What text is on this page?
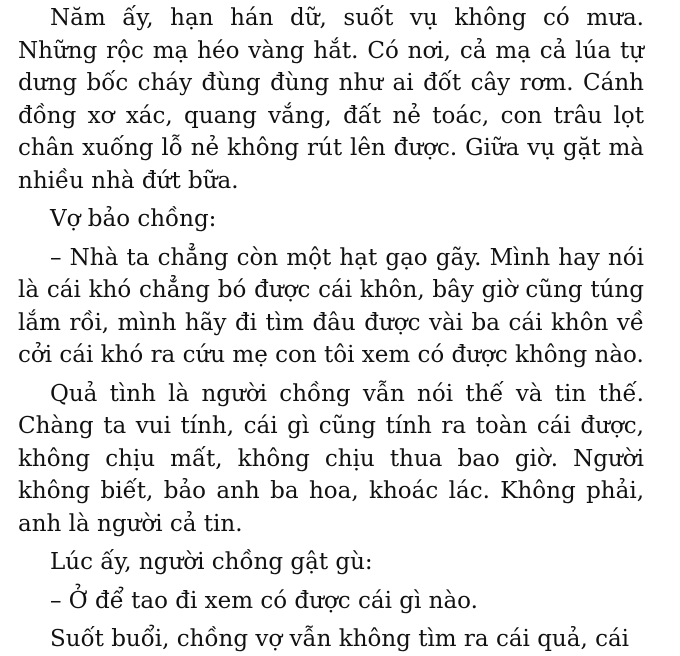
Năm ấy, hạn hán dữ, suốt vụ không có mưa. Những rộc mạ héo vàng hắt. Có nơi, cả mạ cả lúa tự dưng bốc cháy đùng đùng như ai đốt cây rơm. Cánh đồng xơ xác, quang vắng, đất nẻ toác, con trâu lọt chân xuống lỗ nẻ không rút lên được. Giữa vụ gặt mà nhiều nhà đứt bữa.

Vợ bảo chồng:

– Nhà ta chẳng còn một hạt gạo gãy. Mình hay nói là cái khó chẳng bó được cái khôn, bây giờ cũng túng lắm rồi, mình hãy đi tìm đâu được vài ba cái khôn về cởi cái khó ra cứu mẹ con tôi xem có được không nào.

Quả tình là người chồng vẫn nói thế và tin thế. Chàng ta vui tính, cái gì cũng tính ra toàn cái được, không chịu mất, không chịu thua bao giờ. Người không biết, bảo anh ba hoa, khoác lác. Không phải, anh là người cả tin.

Lúc ấy, người chồng gật gù:

– Ở để tao đi xem có được cái gì nào.

Suốt buổi, chồng vợ vẫn không tìm ra cái quả, cái
